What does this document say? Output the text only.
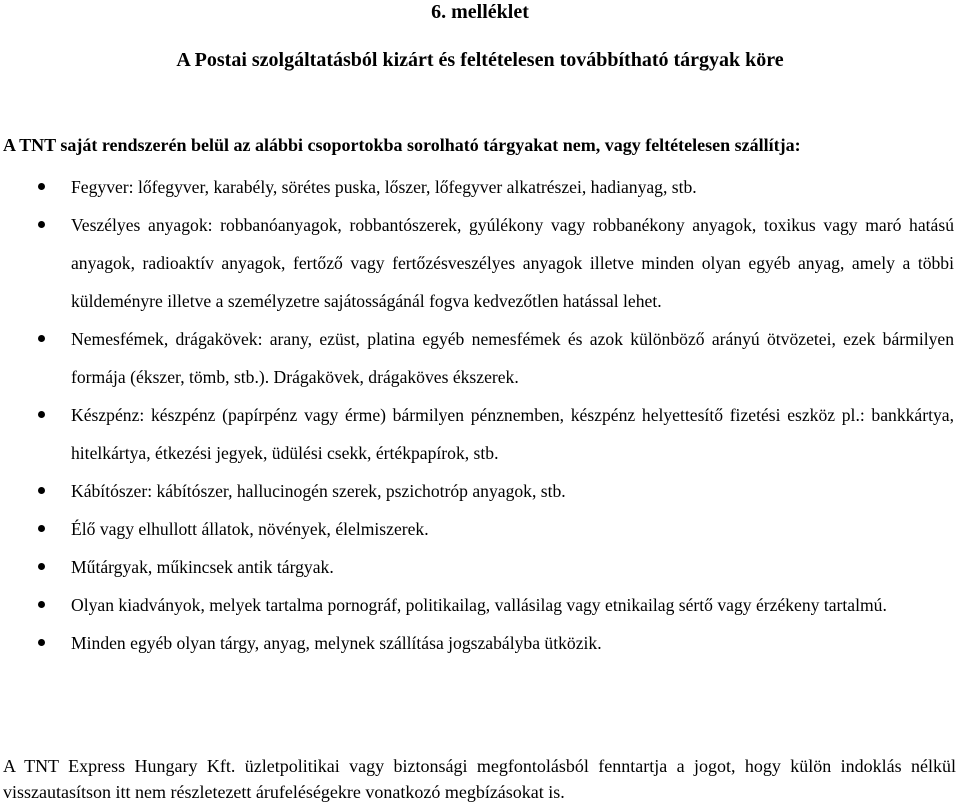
6. melléklet
A Postai szolgáltatásból kizárt és feltételesen továbbítható tárgyak köre
A TNT saját rendszerén belül az alábbi csoportokba sorolható tárgyakat nem, vagy feltételesen szállítja:
Fegyver: lőfegyver, karabély, sörétes puska, lőszer, lőfegyver alkatrészei, hadianyag, stb.
Veszélyes anyagok: robbanóanyagok, robbantószerek, gyúlékony vagy robbanékony anyagok, toxikus vagy maró hatású anyagok, radioaktív anyagok, fertőző vagy fertőzésveszélyes anyagok illetve minden olyan egyéb anyag, amely a többi küldeményre illetve a személyzetre sajátosságánál fogva kedvezőtlen hatással lehet.
Nemesfémek, drágakövek: arany, ezüst, platina egyéb nemesfémek és azok különböző arányú ötvözetei, ezek bármilyen formája (ékszer, tömb, stb.). Drágakövek, drágaköves ékszerek.
Készpénz: készpénz (papírpénz vagy érme) bármilyen pénznemben, készpénz helyettesítő fizetési eszköz pl.: bankkártya, hitelkártya, étkezési jegyek, üdülési csekk, értékpapírok, stb.
Kábítószer: kábítószer, hallucinogén szerek, pszichotróp anyagok, stb.
Élő vagy elhullott állatok, növények, élelmiszerek.
Műtárgyak, műkincsek antik tárgyak.
Olyan kiadványok, melyek tartalma pornográf, politikailag, vallásilag vagy etnikailag sértő vagy érzékeny tartalmú.
Minden egyéb olyan tárgy, anyag, melynek szállítása jogszabályba ütközik.
A TNT Express Hungary Kft. üzletpolitikai vagy biztonsági megfontolásból fenntartja a jogot, hogy külön indoklás nélkül visszautasítson itt nem részletezett árufeléségekre vonatkozó megbízásokat is.
